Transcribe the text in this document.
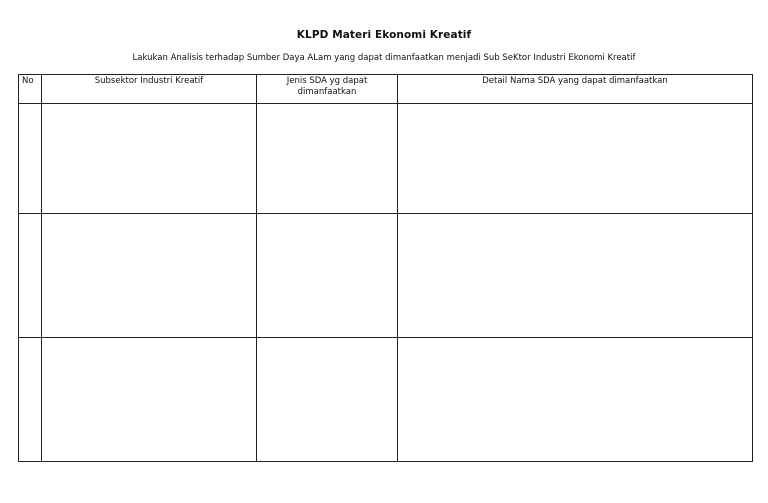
KLPD Materi Ekonomi Kreatif
Lakukan Analisis terhadap Sumber Daya ALam yang dapat dimanfaatkan menjadi Sub SeKtor Industri Ekonomi Kreatif
No	Subsektor Industri Kreatif	Jenis SDA yg dapat dimanfaatkan	Detail Nama SDA yang dapat dimanfaatkan
